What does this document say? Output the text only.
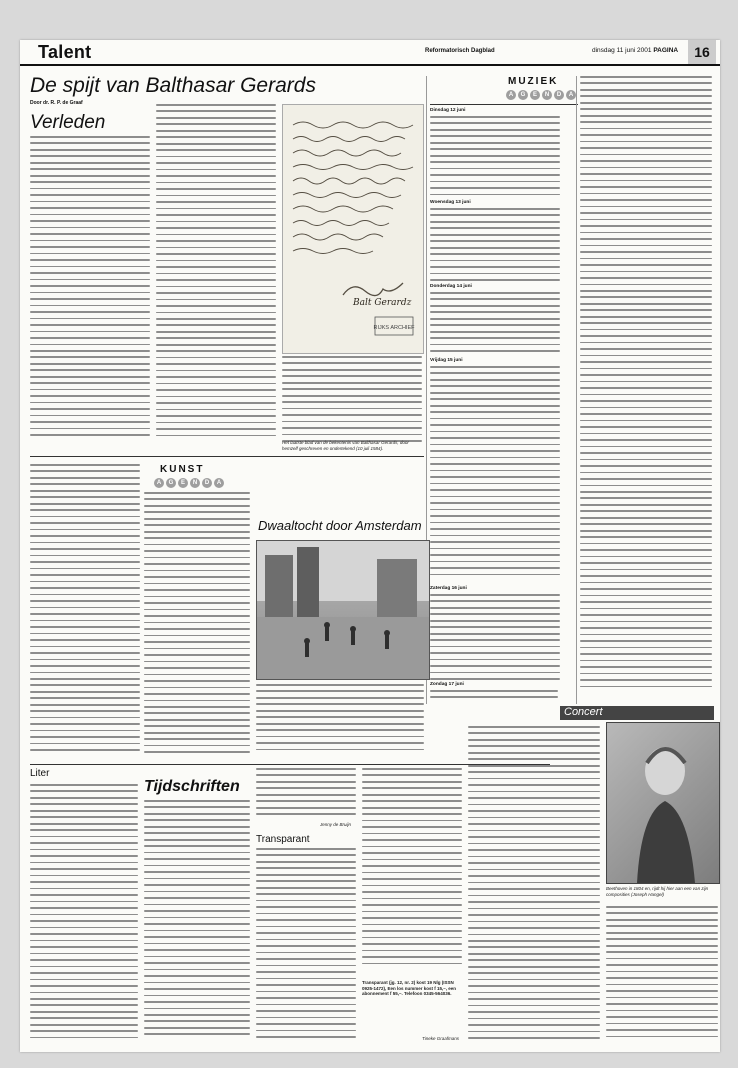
Talent	Reformatorisch Dagblad	dinsdag 11 juni 2001 PAGINA	16
De spijt van Balthasar Gerards
Door dr. R. P. de Graaf
Verleden
Balt Gerardz
RIJKS ARCHIEF
Het laatste blad van de bekentenis van Balthasar Gerards, door hemzelf geschreven en ondertekend (10 juli 1584).
MUZIEK
A	G	E	N	D	A
Dinsdag 12 juni
Woensdag 13 juni
Donderdag 14 juni
Vrijdag 15 juni
Zaterdag 16 juni
Zondag 17 juni
KUNST
A	G	E	N	D	A
Dwaaltocht door Amsterdam
Liter
Tijdschriften
Jenny de Bruijn
Transparant
Transparant (jg. 12, nr. 2) kost 19 Nlg (ISSN 0925-1472), Een los nummer kost f 15,–, een abonnement f 55,–. Telefoon 0345-564036.
Tineke Graafmans
Concert
Beethoven in 1804 en, rijdt hij hier aan een van zijn composities (Joseph Hangel)
